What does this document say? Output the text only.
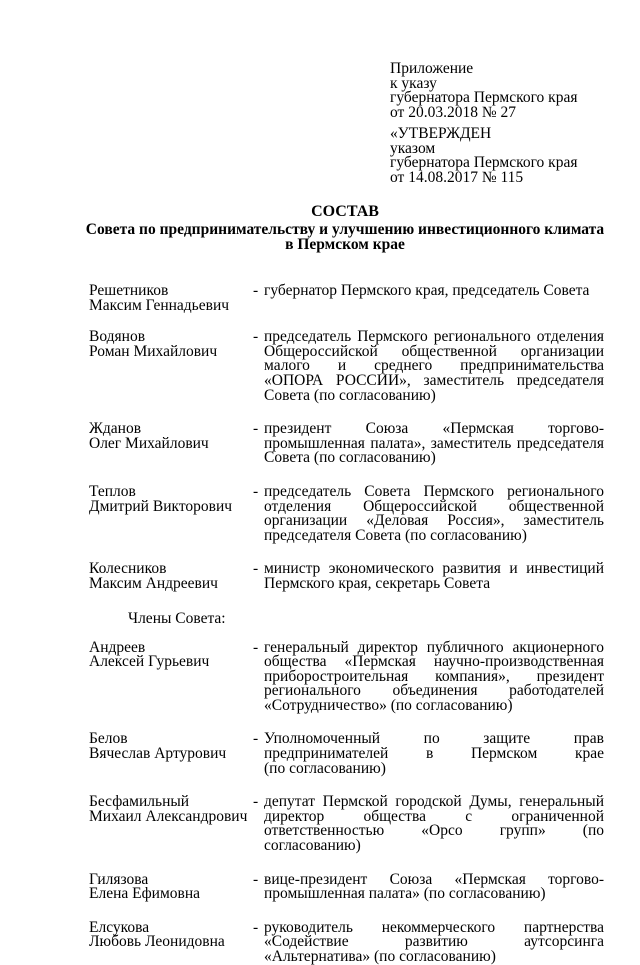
Приложение
к указу
губернатора Пермского края
от 20.03.2018 № 27
«УТВЕРЖДЕН
указом
губернатора Пермского края
от 14.08.2017 № 115
СОСТАВ
Совета по предпринимательству и улучшению инвестиционного климата
в Пермском крае
Решетников
Максим Геннадьевич
- губернатор Пермского края, председатель Совета
Водянов
Роман Михайлович
- председатель Пермского регионального отделения
Общероссийской общественной организации
малого и среднего предпринимательства
«ОПОРА РОССИИ», заместитель председателя
Совета (по согласованию)
Жданов
Олег Михайлович
- президент Союза «Пермская торгово-
промышленная палата», заместитель председателя
Совета (по согласованию)
Теплов
Дмитрий Викторович
- председатель Совета Пермского регионального
отделения Общероссийской общественной
организации «Деловая Россия», заместитель
председателя Совета (по согласованию)
Колесников
Максим Андреевич
- министр экономического развития и инвестиций
Пермского края, секретарь Совета
Члены Совета:
Андреев
Алексей Гурьевич
- генеральный директор публичного акционерного
общества «Пермская научно-производственная
приборостроительная компания», президент
регионального объединения работодателей
«Сотрудничество» (по согласованию)
Белов
Вячеслав Артурович
- Уполномоченный по защите прав
предпринимателей в Пермском крае
(по согласованию)
Бесфамильный
Михаил Александрович
- депутат Пермской городской Думы, генеральный
директор общества с ограниченной
ответственностью «Орсо групп» (по согласованию)
Гилязова
Елена Ефимовна
- вице-президент Союза «Пермская торгово-
промышленная палата» (по согласованию)
Елсукова
Любовь Леонидовна
- руководитель некоммерческого партнерства
«Содействие развитию аутсорсинга
«Альтернатива» (по согласованию)
